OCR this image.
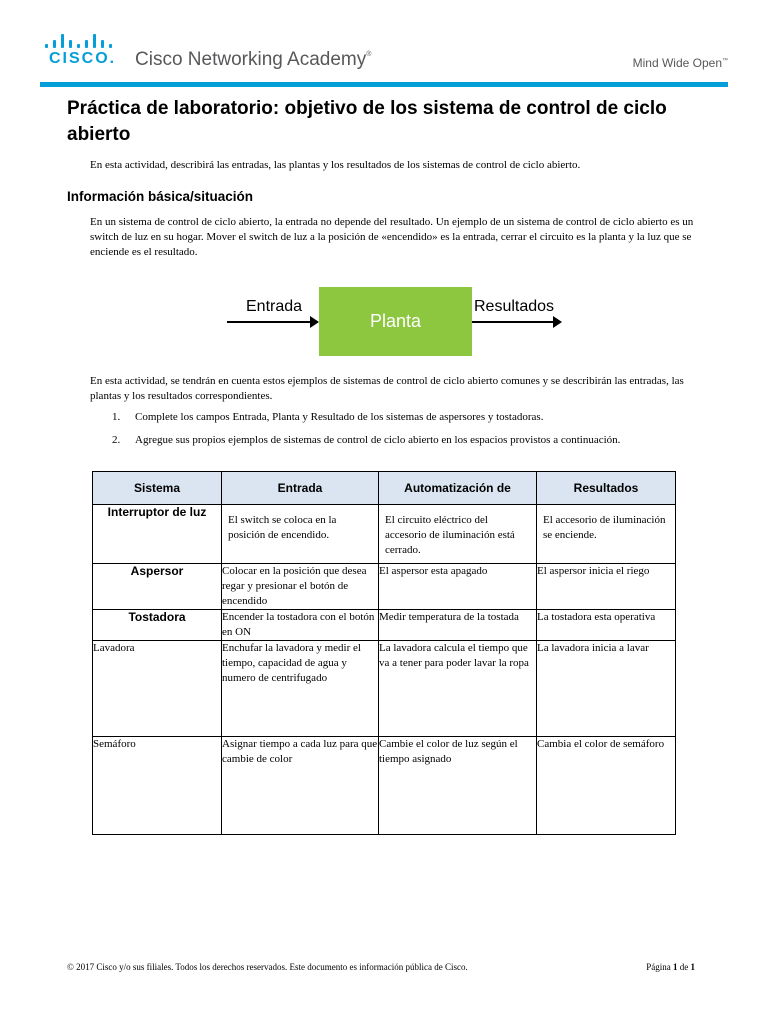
CISCO. Cisco Networking Academy®
Mind Wide Open™
Práctica de laboratorio: objetivo de los sistema de control de ciclo abierto
En esta actividad, describirá las entradas, las plantas y los resultados de los sistemas de control de ciclo abierto.
Información básica/situación
En un sistema de control de ciclo abierto, la entrada no depende del resultado. Un ejemplo de un sistema de control de ciclo abierto es un switch de luz en su hogar. Mover el switch de luz a la posición de «encendido» es la entrada, cerrar el circuito es la planta y la luz que se enciende es el resultado.
Entrada
Planta
Resultados
En esta actividad, se tendrán en cuenta estos ejemplos de sistemas de control de ciclo abierto comunes y se describirán las entradas, las plantas y los resultados correspondientes.
1. Complete los campos Entrada, Planta y Resultado de los sistemas de aspersores y tostadoras.
2. Agregue sus propios ejemplos de sistemas de control de ciclo abierto en los espacios provistos a continuación.
Sistema	Entrada	Automatización de	Resultados
Interruptor de luz	El switch se coloca en la posición de encendido.	El circuito eléctrico del accesorio de iluminación está cerrado.	El accesorio de iluminación se enciende.
Aspersor	Colocar en la posición que desea regar y presionar el botón de encendido	El aspersor esta apagado	El aspersor inicia el riego
Tostadora	Encender la tostadora con el botón en ON	Medir temperatura de la tostada	La tostadora esta operativa
Lavadora	Enchufar la lavadora y medir el tiempo, capacidad de agua y numero de centrifugado	La lavadora calcula el tiempo que va a tener para poder lavar la ropa	La lavadora inicia a lavar
Semáforo	Asignar tiempo a cada luz para que cambie de color	Cambie el color de luz según el tiempo asignado	Cambia el color de semáforo
© 2017 Cisco y/o sus filiales. Todos los derechos reservados. Este documento es información pública de Cisco.	Página 1 de 1
